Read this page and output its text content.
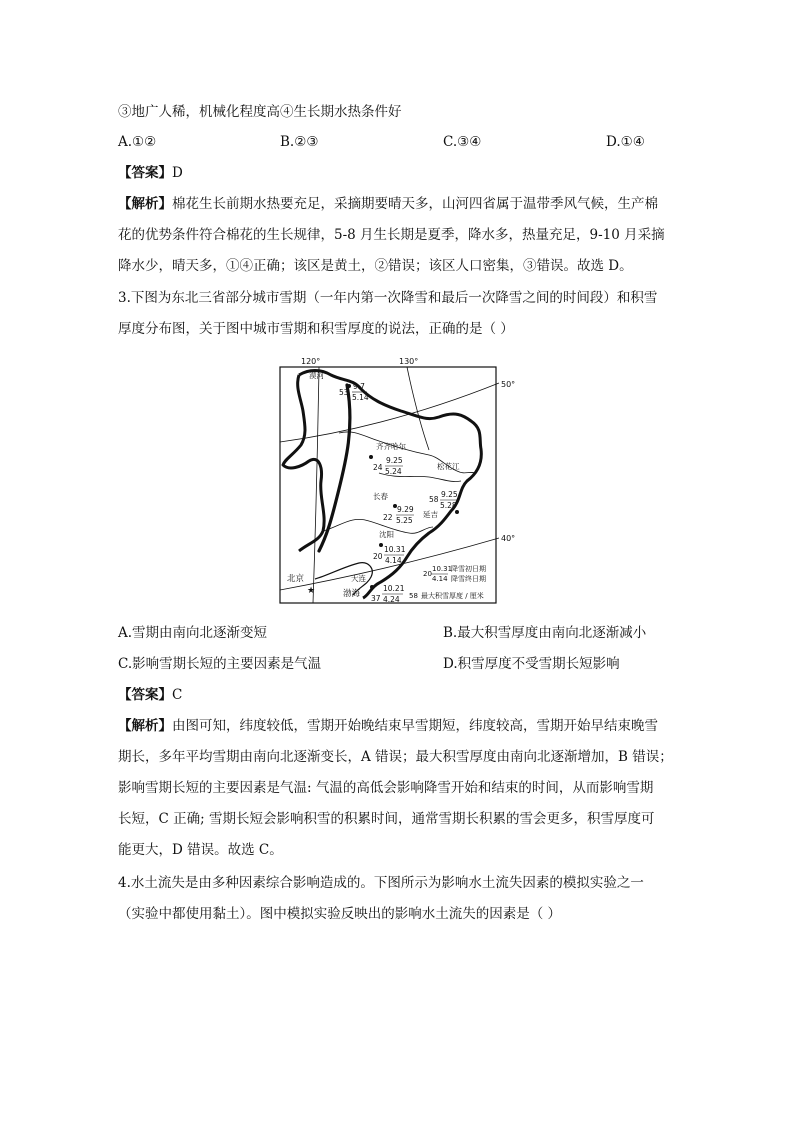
③地广人稀，机械化程度高④生长期水热条件好
A.①②	B.②③	C.③④	D.①④
【答案】D
【解析】棉花生长前期水热要充足，采摘期要晴天多，山河四省属于温带季风气候，生产棉
花的优势条件符合棉花的生长规律，5-8 月生长期是夏季，降水多，热量充足，9-10 月采摘
降水少，晴天多，①④正确；该区是黄土，②错误；该区人口密集，③错误。故选 D。
3.下图为东北三省部分城市雪期（一年内第一次降雪和最后一次降雪之间的时间段）和积雪
厚度分布图，关于图中城市雪期和积雪厚度的说法，正确的是（ ）
120°	130°
50°
40°
漠河
53
9.7
5.14
齐齐哈尔
24
9.25
5.24
松花江
长春
22
9.29
5.25
58
9.25
5.28
延吉
沈阳
20
10.31
4.14
大连
渤海 37
10.21
4.24
北京
★
20
10.31
4.14
降雪初日期
降雪终日期
58 最大积雪厚度 / 厘米
A.雪期由南向北逐渐变短	B.最大积雪厚度由南向北逐渐减小
C.影响雪期长短的主要因素是气温	D.积雪厚度不受雪期长短影响
【答案】C
【解析】由图可知，纬度较低，雪期开始晚结束早雪期短，纬度较高，雪期开始早结束晚雪
期长，多年平均雪期由南向北逐渐变长，A 错误；最大积雪厚度由南向北逐渐增加，B 错误；
影响雪期长短的主要因素是气温: 气温的高低会影响降雪开始和结束的时间，从而影响雪期
长短，C 正确; 雪期长短会影响积雪的积累时间，通常雪期长积累的雪会更多，积雪厚度可
能更大，D 错误。故选 C。
4.水土流失是由多种因素综合影响造成的。下图所示为影响水土流失因素的模拟实验之一
（实验中都使用黏土）。图中模拟实验反映出的影响水土流失的因素是（ ）
